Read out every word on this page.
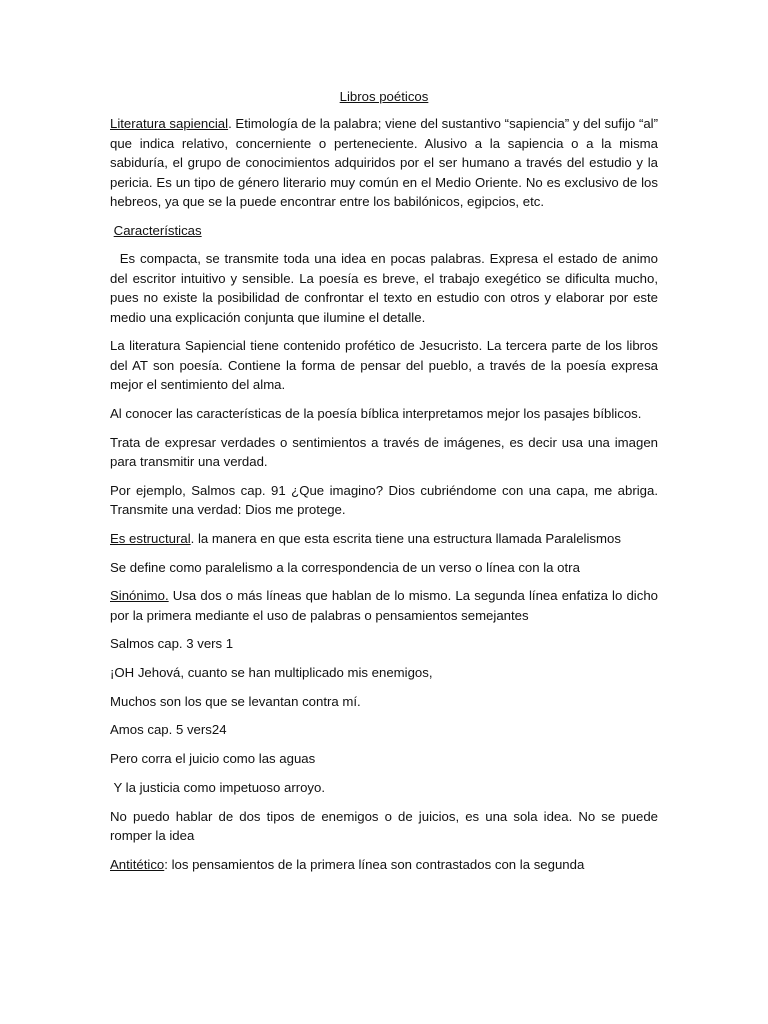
Libros poéticos

Literatura sapiencial. Etimología de la palabra; viene del sustantivo “sapiencia” y del sufijo “al” que indica relativo, concerniente o perteneciente. Alusivo a la sapiencia o a la misma sabiduría, el grupo de conocimientos adquiridos por el ser humano a través del estudio y la pericia. Es un tipo de género literario muy común en el Medio Oriente. No es exclusivo de los hebreos, ya que se la puede encontrar entre los babilónicos, egipcios, etc.

Características

Es compacta, se transmite toda una idea en pocas palabras. Expresa el estado de animo del escritor intuitivo y sensible. La poesía es breve, el trabajo exegético se dificulta mucho, pues no existe la posibilidad de confrontar el texto en estudio con otros y elaborar por este medio una explicación conjunta que ilumine el detalle.

La literatura Sapiencial tiene contenido profético de Jesucristo. La tercera parte de los libros del AT son poesía. Contiene la forma de pensar del pueblo, a través de la poesía expresa mejor el sentimiento del alma.

Al conocer las características de la poesía bíblica interpretamos mejor los pasajes bíblicos.

Trata de expresar verdades o sentimientos a través de imágenes, es decir usa una imagen para transmitir una verdad.

Por ejemplo, Salmos cap. 91 ¿Que imagino? Dios cubriéndome con una capa, me abriga. Transmite una verdad: Dios me protege.

Es estructural. la manera en que esta escrita tiene una estructura llamada Paralelismos

Se define como paralelismo a la correspondencia de un verso o línea con la otra

Sinónimo. Usa dos o más líneas que hablan de lo mismo. La segunda línea enfatiza lo dicho por la primera mediante el uso de palabras o pensamientos semejantes

Salmos cap. 3 vers 1

¡OH Jehová, cuanto se han multiplicado mis enemigos,

Muchos son los que se levantan contra mí.

Amos cap. 5 vers24

Pero corra el juicio como las aguas

Y la justicia como impetuoso arroyo.

No puedo hablar de dos tipos de enemigos o de juicios, es una sola idea. No se puede romper la idea

Antitético: los pensamientos de la primera línea son contrastados con la segunda
